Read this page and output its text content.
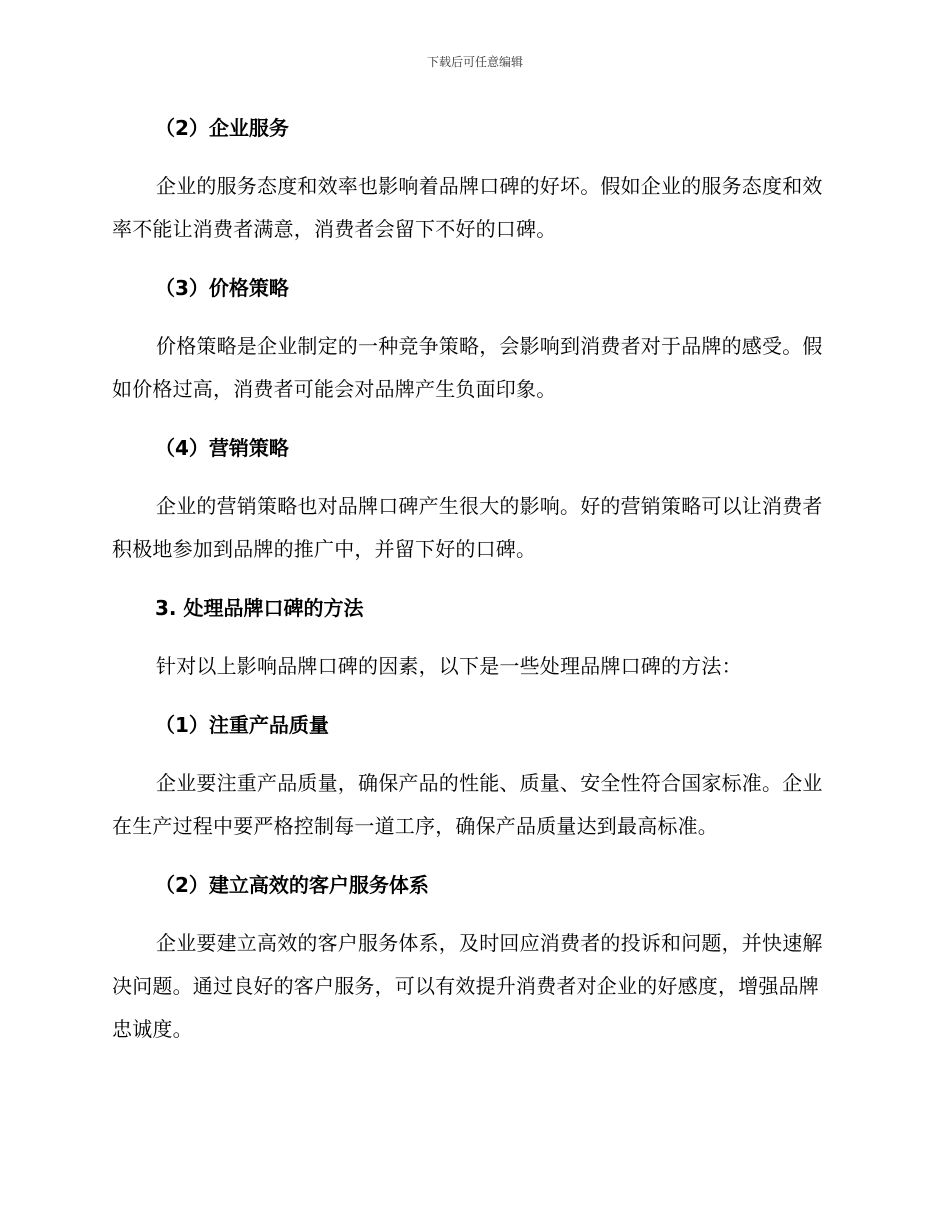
下载后可任意编辑
（2）企业服务

企业的服务态度和效率也影响着品牌口碑的好坏。假如企业的服务态度和效率不能让消费者满意，消费者会留下不好的口碑。

（3）价格策略

价格策略是企业制定的一种竞争策略，会影响到消费者对于品牌的感受。假如价格过高，消费者可能会对品牌产生负面印象。

（4）营销策略

企业的营销策略也对品牌口碑产生很大的影响。好的营销策略可以让消费者积极地参加到品牌的推广中，并留下好的口碑。

3. 处理品牌口碑的方法

针对以上影响品牌口碑的因素，以下是一些处理品牌口碑的方法：

（1）注重产品质量

企业要注重产品质量，确保产品的性能、质量、安全性符合国家标准。企业在生产过程中要严格控制每一道工序，确保产品质量达到最高标准。

（2）建立高效的客户服务体系

企业要建立高效的客户服务体系，及时回应消费者的投诉和问题，并快速解决问题。通过良好的客户服务，可以有效提升消费者对企业的好感度，增强品牌忠诚度。
